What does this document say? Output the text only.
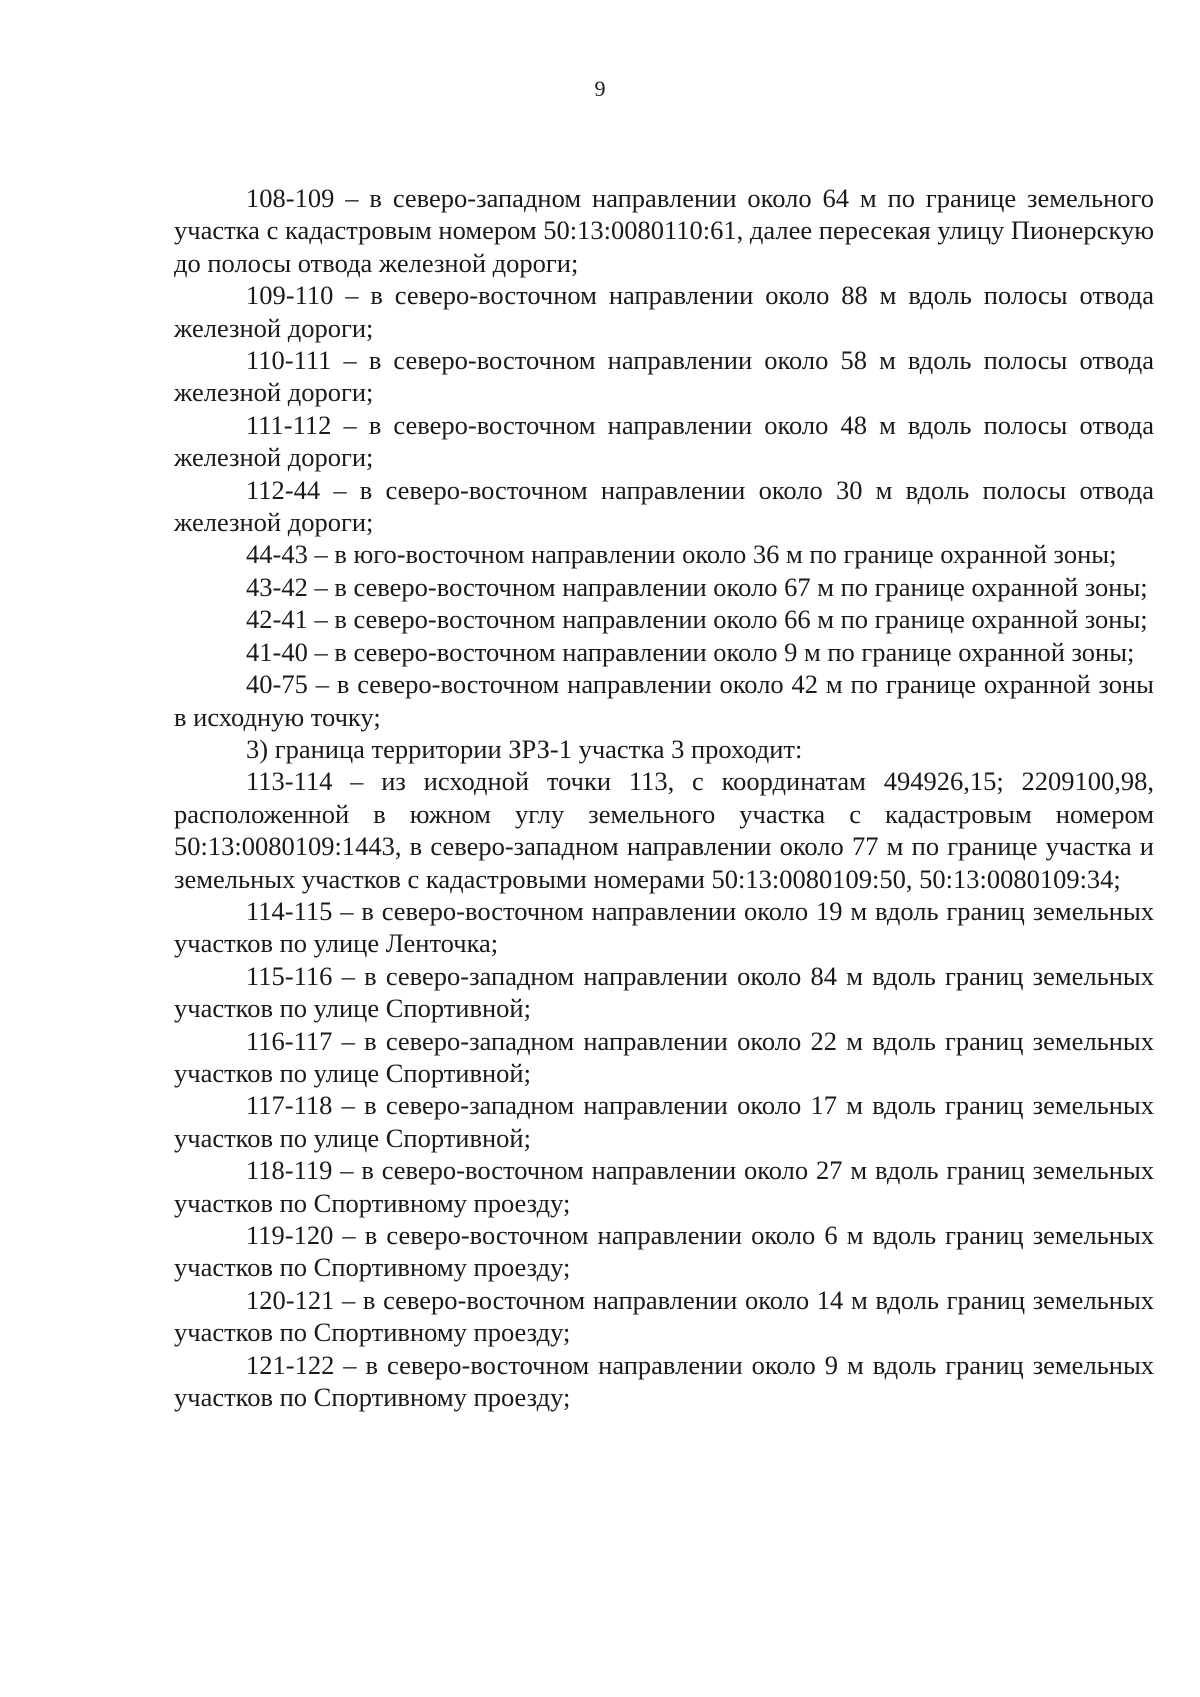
9

108-109 – в северо-западном направлении около 64 м по границе земельного участка с кадастровым номером 50:13:0080110:61, далее пересекая улицу Пионерскую до полосы отвода железной дороги;

109-110 – в северо-восточном направлении около 88 м вдоль полосы отвода железной дороги;

110-111 – в северо-восточном направлении около 58 м вдоль полосы отвода железной дороги;

111-112 – в северо-восточном направлении около 48 м вдоль полосы отвода железной дороги;

112-44 – в северо-восточном направлении около 30 м вдоль полосы отвода железной дороги;

44-43 – в юго-восточном направлении около 36 м по границе охранной зоны;

43-42 – в северо-восточном направлении около 67 м по границе охранной зоны;

42-41 – в северо-восточном направлении около 66 м по границе охранной зоны;

41-40 – в северо-восточном направлении около 9 м по границе охранной зоны;

40-75 – в северо-восточном направлении около 42 м по границе охранной зоны в исходную точку;

3) граница территории ЗРЗ-1 участка 3 проходит:

113-114 – из исходной точки 113, с координатам 494926,15; 2209100,98, расположенной в южном углу земельного участка с кадастровым номером 50:13:0080109:1443, в северо-западном направлении около 77 м по границе участка и земельных участков с кадастровыми номерами 50:13:0080109:50, 50:13:0080109:34;

114-115 – в северо-восточном направлении около 19 м вдоль границ земельных участков по улице Ленточка;

115-116 – в северо-западном направлении около 84 м вдоль границ земельных участков по улице Спортивной;

116-117 – в северо-западном направлении около 22 м вдоль границ земельных участков по улице Спортивной;

117-118 – в северо-западном направлении около 17 м вдоль границ земельных участков по улице Спортивной;

118-119 – в северо-восточном направлении около 27 м вдоль границ земельных участков по Спортивному проезду;

119-120 – в северо-восточном направлении около 6 м вдоль границ земельных участков по Спортивному проезду;

120-121 – в северо-восточном направлении около 14 м вдоль границ земельных участков по Спортивному проезду;

121-122 – в северо-восточном направлении около 9 м вдоль границ земельных участков по Спортивному проезду;
